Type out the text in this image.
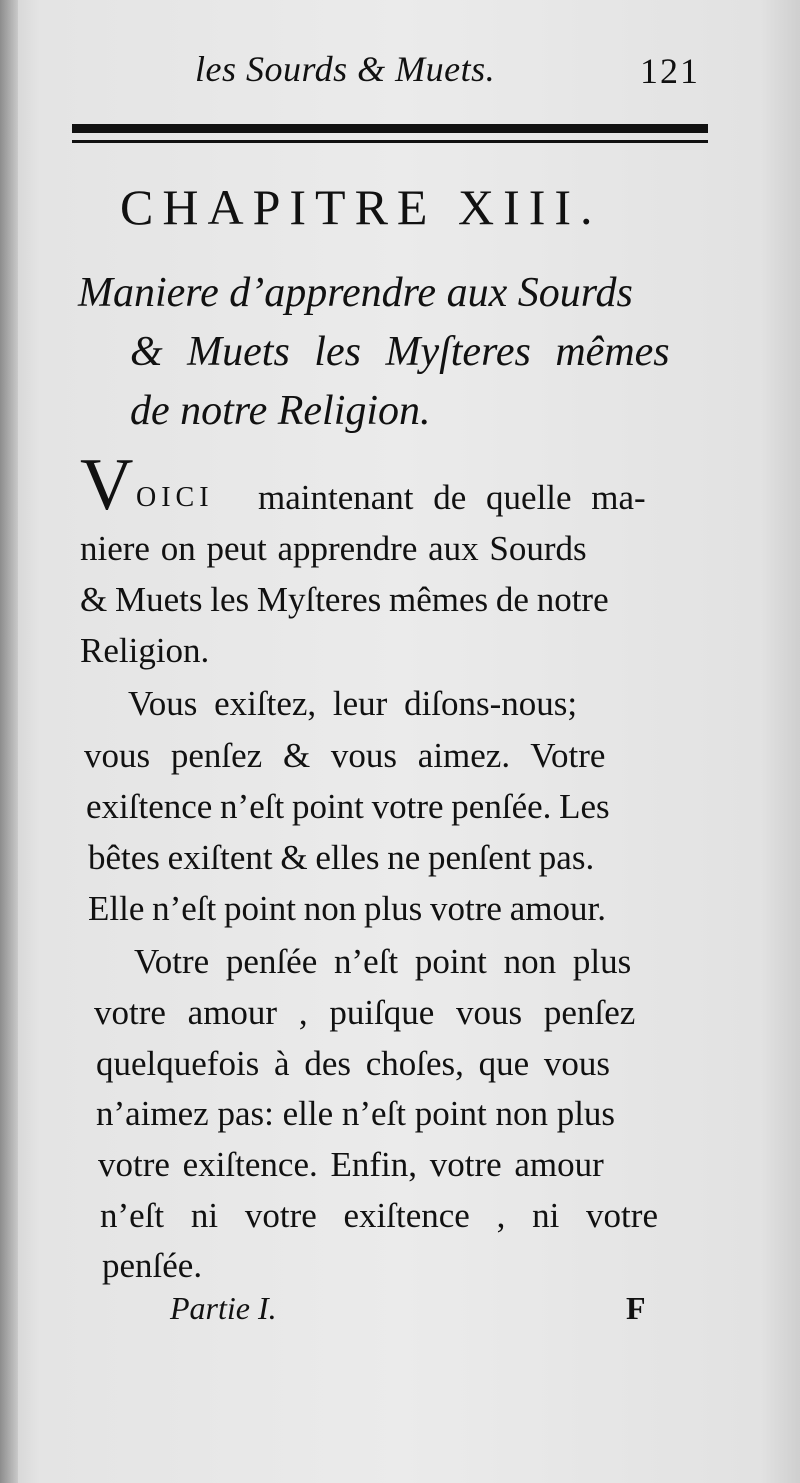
les Sourds & Muets.	121
CHAPITRE XIII.
Maniere d’apprendre aux Sourds
& Muets les Myſteres mêmes
de notre Religion.
V OICI maintenant de quelle ma-
niere on peut apprendre aux Sourds
& Muets les Myſteres mêmes de notre
Religion.
Vous exiſtez, leur diſons-nous;
vous penſez & vous aimez. Votre
exiſtence n’eſt point votre penſée. Les
bêtes exiſtent & elles ne penſent pas.
Elle n’eſt point non plus votre amour.
Votre penſée n’eſt point non plus
votre amour , puiſque vous penſez
quelquefois à des choſes, que vous
n’aimez pas: elle n’eſt point non plus
votre exiſtence. Enfin, votre amour
n’eſt ni votre exiſtence , ni votre
penſée.
Partie I.	F
